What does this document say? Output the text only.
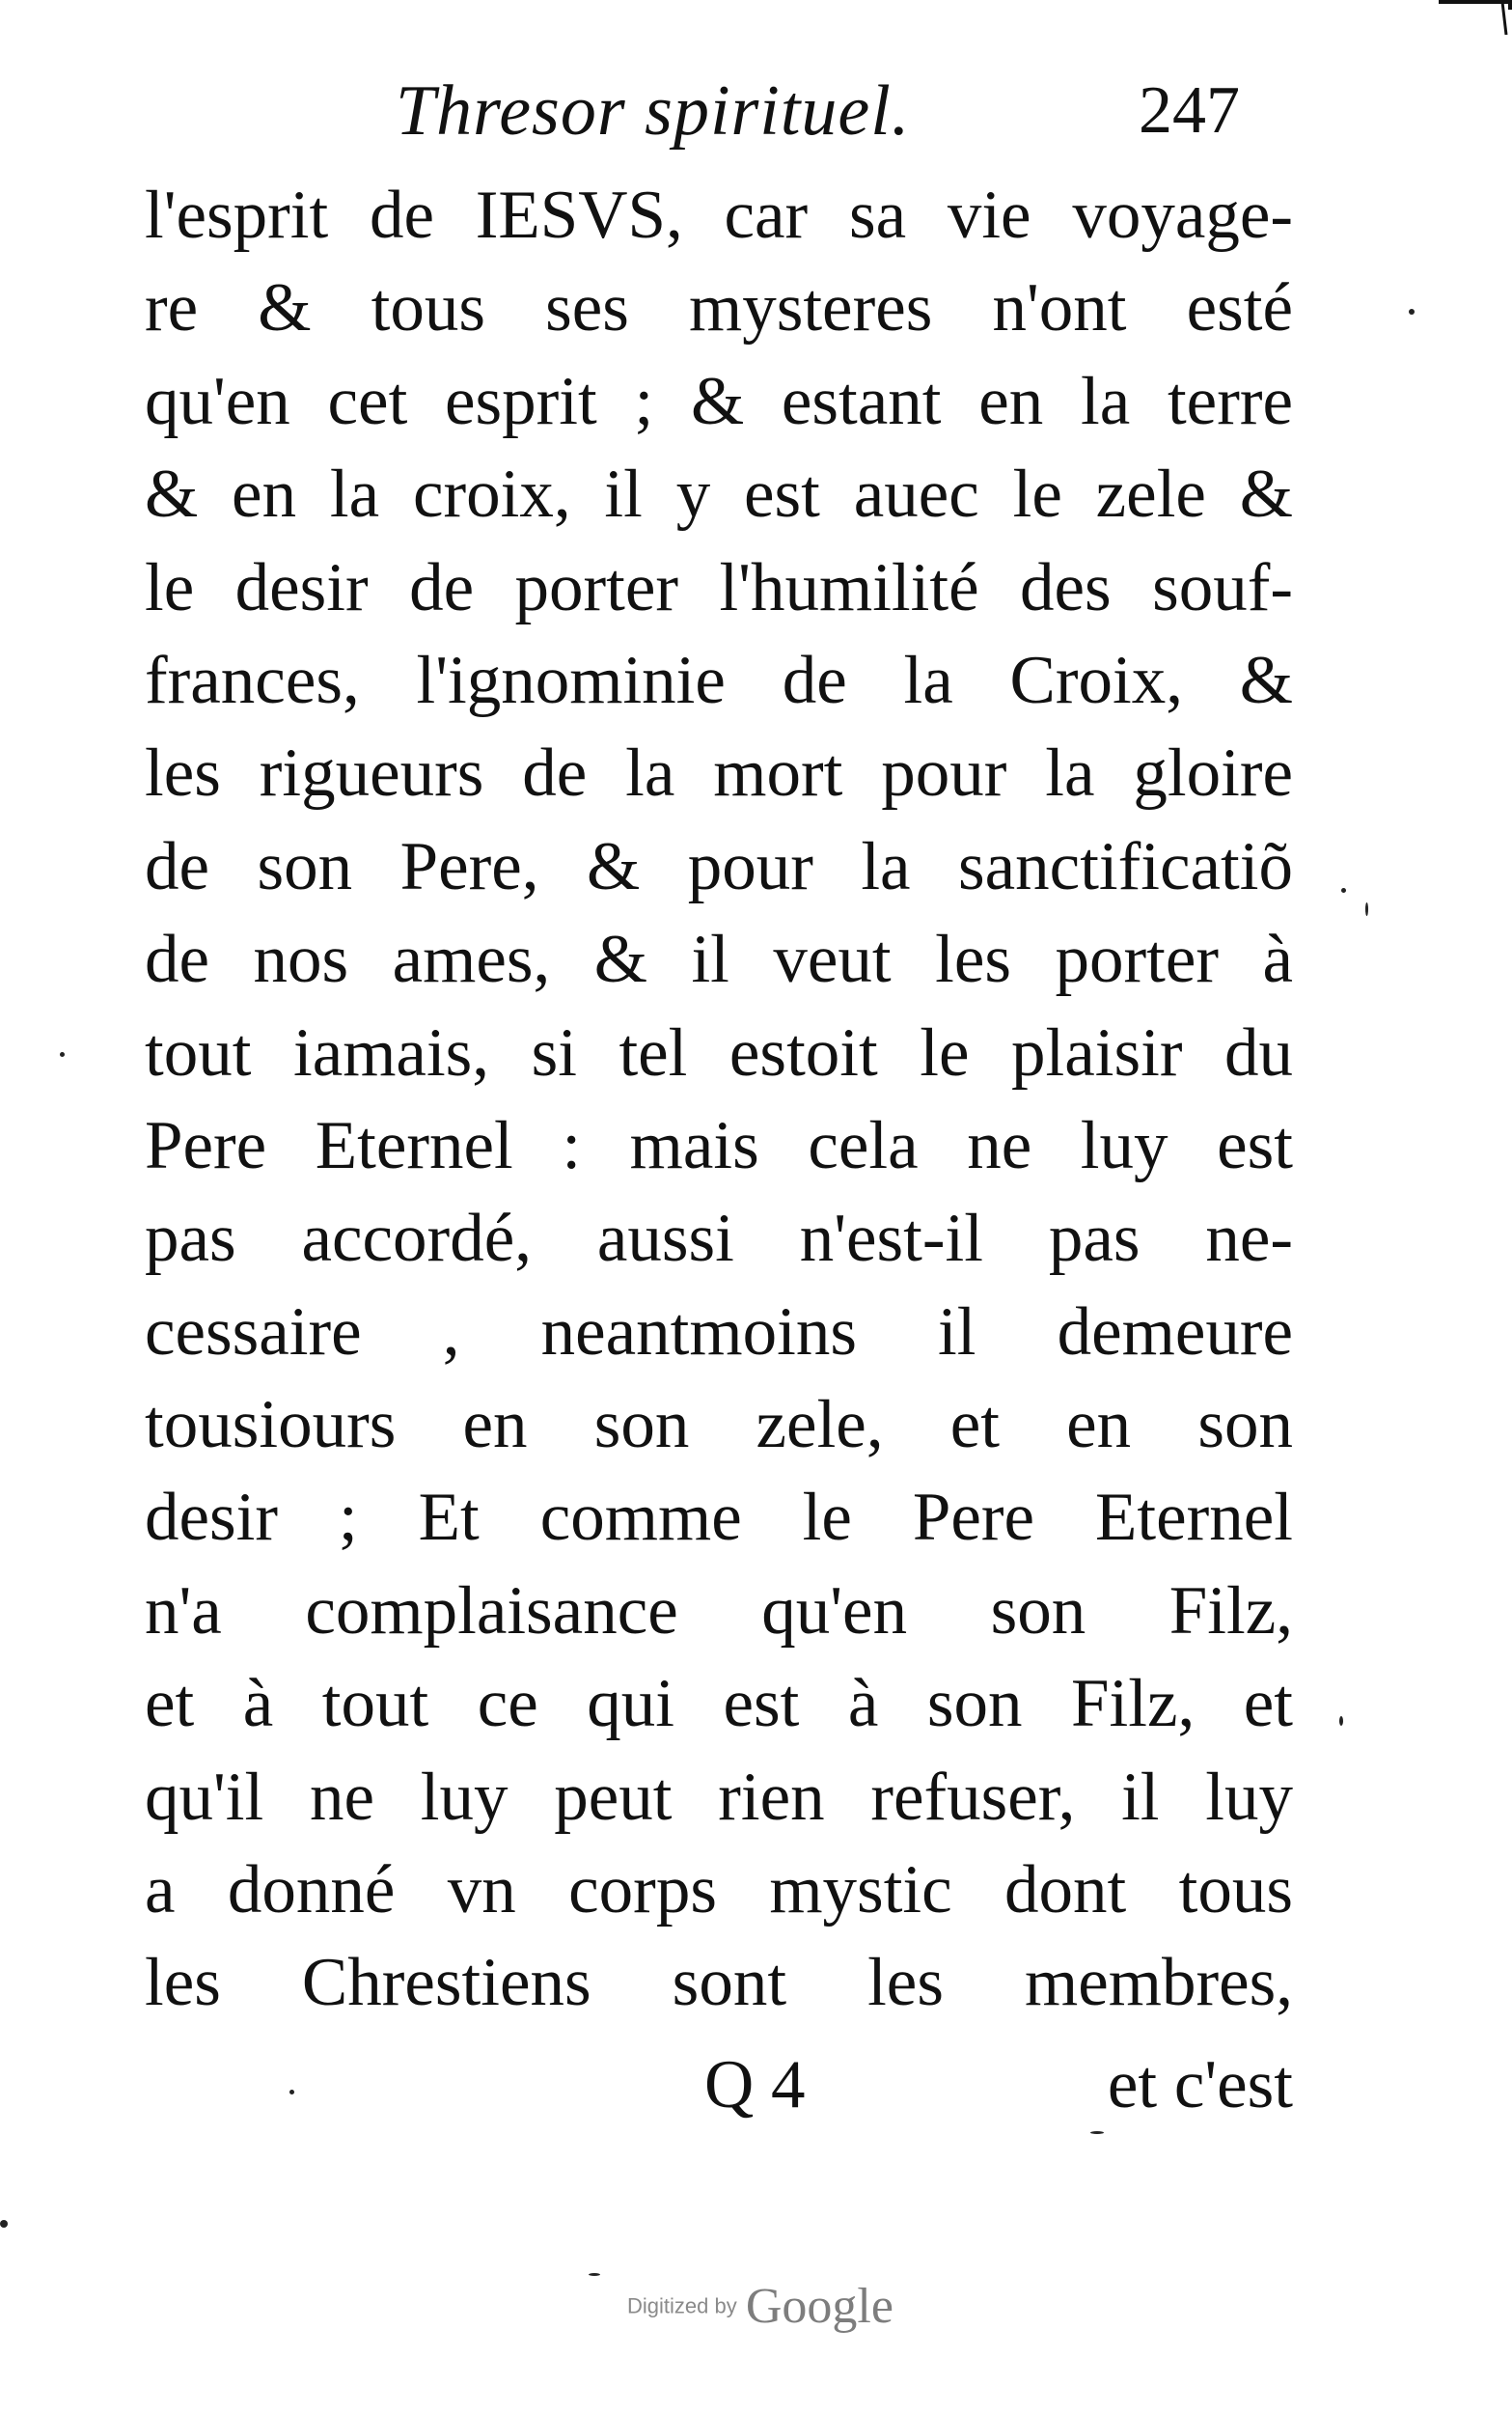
Thresor spirituel.	247
l'esprit de IESVS, car sa vie voyage-
re & tous ses mysteres n'ont esté
qu'en cet esprit ; & estant en la terre
& en la croix, il y est auec le zele &
le desir de porter l'humilité des souf-
frances, l'ignominie de la Croix, &
les rigueurs de la mort pour la gloire
de son Pere, & pour la sanctificatiõ
de nos ames, & il veut les porter à
tout iamais, si tel estoit le plaisir du
Pere Eternel : mais cela ne luy est
pas accordé, aussi n'est-il pas ne-
cessaire , neantmoins il demeure
tousiours en son zele, et en son
desir ; Et comme le Pere Eternel
n'a complaisance qu'en son Filz,
et à tout ce qui est à son Filz, et
qu'il ne luy peut rien refuser, il luy
a donné vn corps mystic dont tous
les Chrestiens sont les membres,
Q 4	et c'est
Digitized by Google
